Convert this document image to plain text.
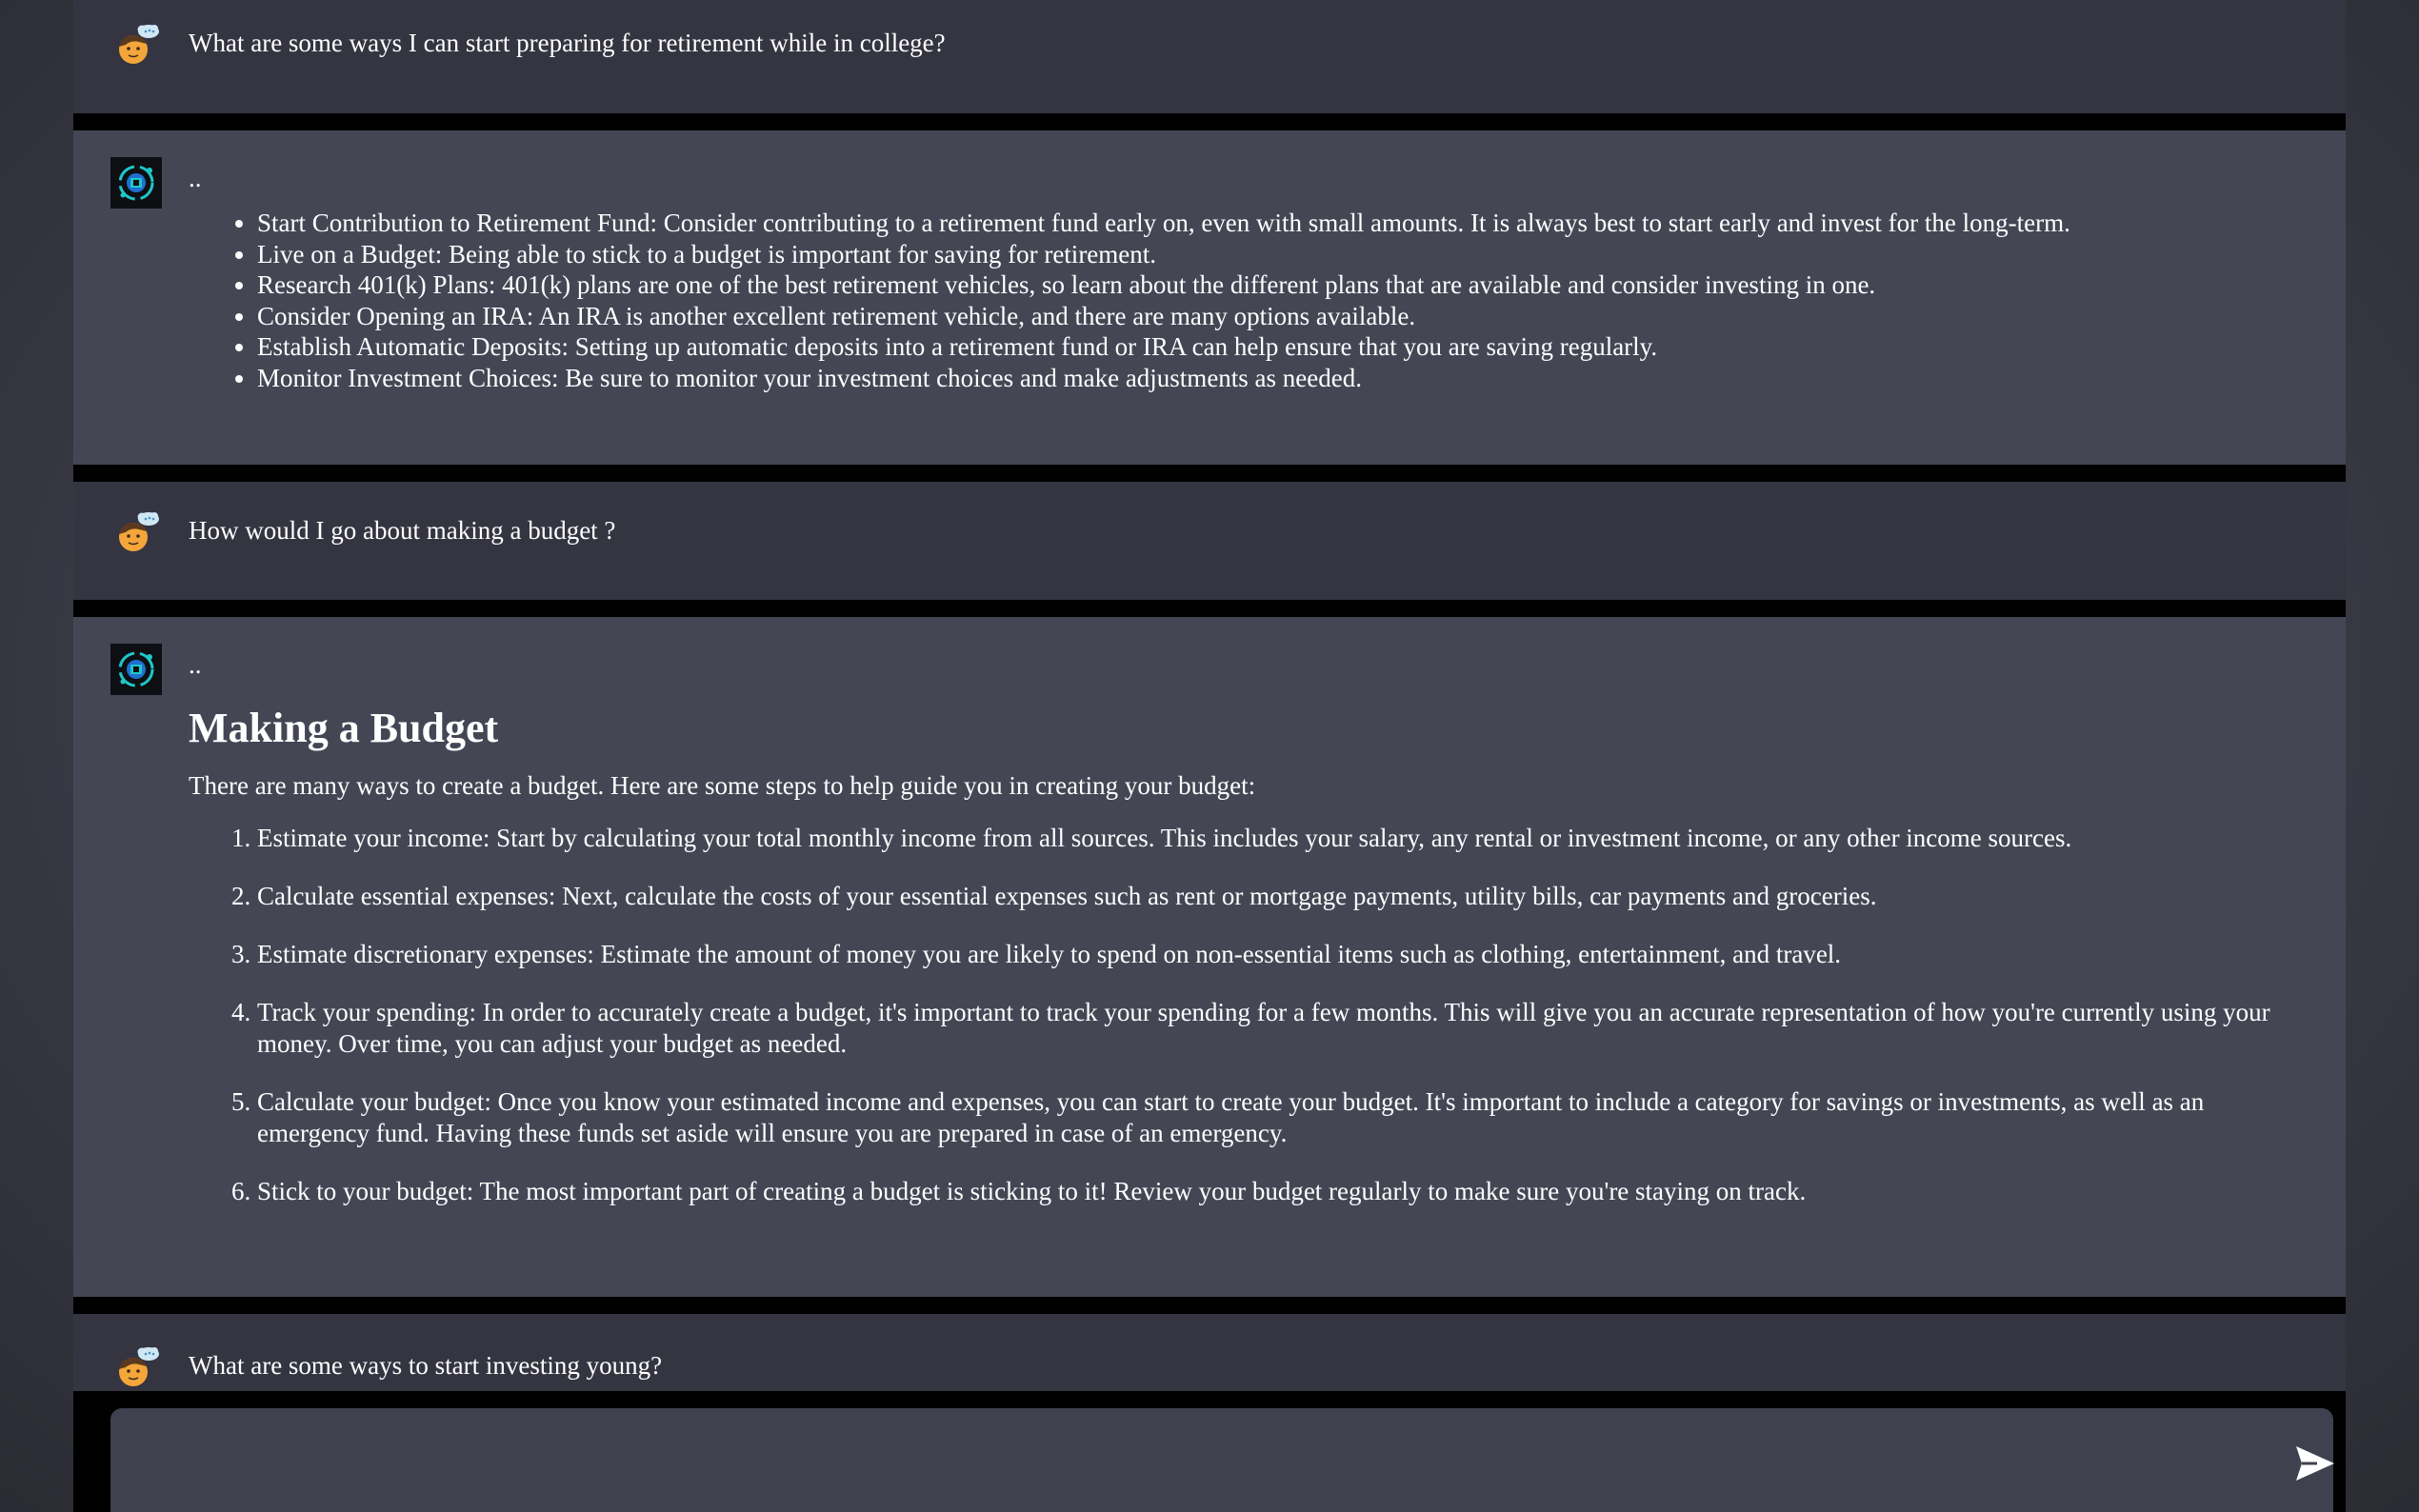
What are some ways I can start preparing for retirement while in college?

..

• Start Contribution to Retirement Fund: Consider contributing to a retirement fund early on, even with small amounts. It is always best to start early and invest for the long-term.
• Live on a Budget: Being able to stick to a budget is important for saving for retirement.
• Research 401(k) Plans: 401(k) plans are one of the best retirement vehicles, so learn about the different plans that are available and consider investing in one.
• Consider Opening an IRA: An IRA is another excellent retirement vehicle, and there are many options available.
• Establish Automatic Deposits: Setting up automatic deposits into a retirement fund or IRA can help ensure that you are saving regularly.
• Monitor Investment Choices: Be sure to monitor your investment choices and make adjustments as needed.
How would I go about making a budget ?

..

Making a Budget

There are many ways to create a budget. Here are some steps to help guide you in creating your budget:

1. Estimate your income: Start by calculating your total monthly income from all sources. This includes your salary, any rental or investment income, or any other income sources.
2. Calculate essential expenses: Next, calculate the costs of your essential expenses such as rent or mortgage payments, utility bills, car payments and groceries.
3. Estimate discretionary expenses: Estimate the amount of money you are likely to spend on non-essential items such as clothing, entertainment, and travel.
4. Track your spending: In order to accurately create a budget, it's important to track your spending for a few months. This will give you an accurate representation of how you're currently using your money. Over time, you can adjust your budget as needed.
5. Calculate your budget: Once you know your estimated income and expenses, you can start to create your budget. It's important to include a category for savings or investments, as well as an emergency fund. Having these funds set aside will ensure you are prepared in case of an emergency.
6. Stick to your budget: The most important part of creating a budget is sticking to it! Review your budget regularly to make sure you're staying on track.
What are some ways to start investing young?
